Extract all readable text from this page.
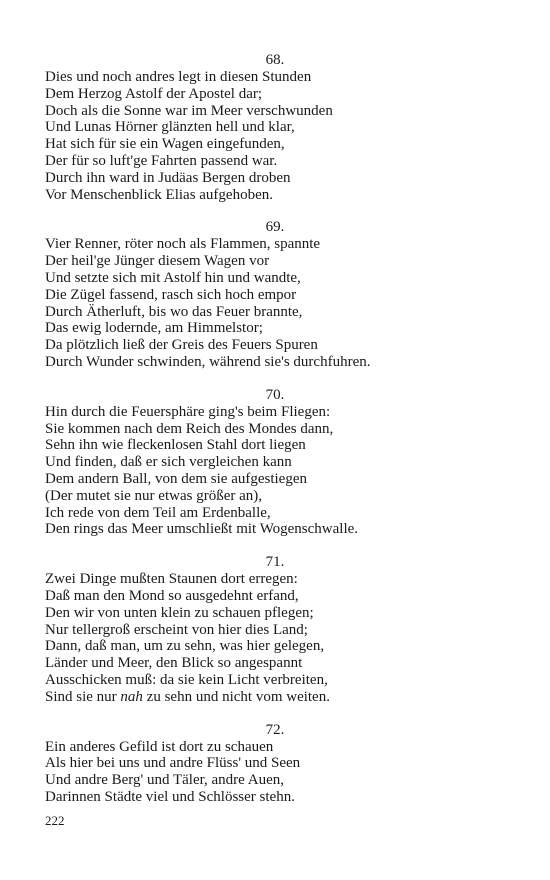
68.
Dies und noch andres legt in diesen Stunden
Dem Herzog Astolf der Apostel dar;
Doch als die Sonne war im Meer verschwunden
Und Lunas Hörner glänzten hell und klar,
Hat sich für sie ein Wagen eingefunden,
Der für so luft'ge Fahrten passend war.
Durch ihn ward in Judäas Bergen droben
Vor Menschenblick Elias aufgehoben.
69.
Vier Renner, röter noch als Flammen, spannte
Der heil'ge Jünger diesem Wagen vor
Und setzte sich mit Astolf hin und wandte,
Die Zügel fassend, rasch sich hoch empor
Durch Ätherluft, bis wo das Feuer brannte,
Das ewig lodernde, am Himmelstor;
Da plötzlich ließ der Greis des Feuers Spuren
Durch Wunder schwinden, während sie's durchfuhren.
70.
Hin durch die Feuersphäre ging's beim Fliegen:
Sie kommen nach dem Reich des Mondes dann,
Sehn ihn wie fleckenlosen Stahl dort liegen
Und finden, daß er sich vergleichen kann
Dem andern Ball, von dem sie aufgestiegen
(Der mutet sie nur etwas größer an),
Ich rede von dem Teil am Erdenballe,
Den rings das Meer umschließt mit Wogenschwalle.
71.
Zwei Dinge mußten Staunen dort erregen:
Daß man den Mond so ausgedehnt erfand,
Den wir von unten klein zu schauen pflegen;
Nur tellergroß erscheint von hier dies Land;
Dann, daß man, um zu sehn, was hier gelegen,
Länder und Meer, den Blick so angespannt
Ausschicken muß: da sie kein Licht verbreiten,
Sind sie nur nah zu sehn und nicht vom weiten.
72.
Ein anderes Gefild ist dort zu schauen
Als hier bei uns und andre Flüss' und Seen
Und andre Berg' und Täler, andre Auen,
Darinnen Städte viel und Schlösser stehn.
222
